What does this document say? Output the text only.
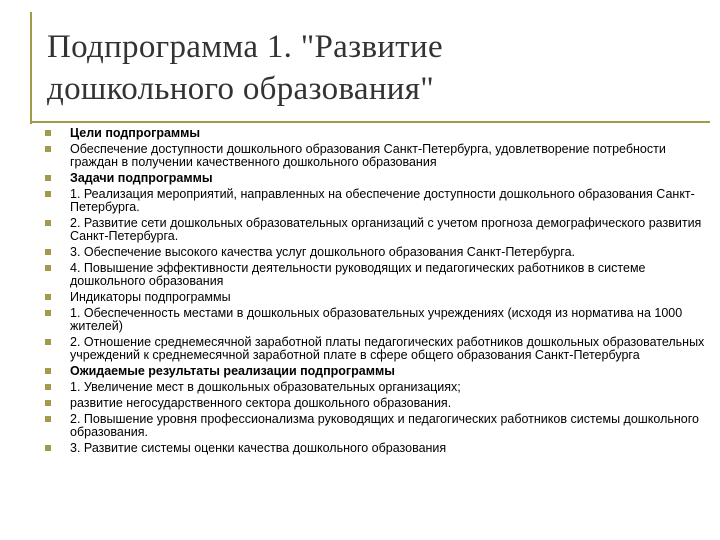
Подпрограмма 1. "Развитие
дошкольного образования"
Цели подпрограммы
Обеспечение доступности дошкольного образования Санкт-Петербурга, удовлетворение потребности граждан в получении качественного дошкольного образования
Задачи подпрограммы
1. Реализация мероприятий, направленных на обеспечение доступности дошкольного образования Санкт-Петербурга.
2. Развитие сети дошкольных образовательных организаций с учетом прогноза демографического развития Санкт-Петербурга.
3. Обеспечение высокого качества услуг дошкольного образования Санкт-Петербурга.
4. Повышение эффективности деятельности руководящих и педагогических работников в системе дошкольного образования
Индикаторы подпрограммы
1. Обеспеченность местами в дошкольных образовательных учреждениях (исходя из норматива на 1000 жителей)
2. Отношение среднемесячной заработной платы педагогических работников дошкольных образовательных учреждений к среднемесячной заработной плате в сфере общего образования Санкт-Петербурга
Ожидаемые результаты реализации подпрограммы
1. Увеличение мест в дошкольных образовательных организациях;
развитие негосударственного сектора дошкольного образования.
2. Повышение уровня профессионализма руководящих и педагогических работников системы дошкольного образования.
3. Развитие системы оценки качества дошкольного образования
